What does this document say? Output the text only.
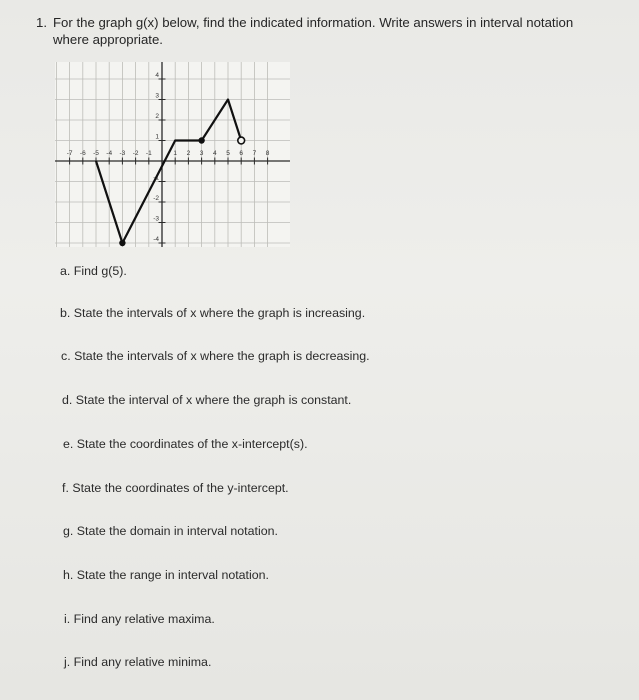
1. For the graph g(x) below, find the indicated information. Write answers in interval notation where appropriate.
-7 -6 -5 -4 -3 -2 -1	1 2 3 4 5 6 7 8
4
3
2
1
-1
-2
-3
-4
a. Find g(5).
b. State the intervals of x where the graph is increasing.
c. State the intervals of x where the graph is decreasing.
d. State the interval of x where the graph is constant.
e. State the coordinates of the x-intercept(s).
f. State the coordinates of the y-intercept.
g. State the domain in interval notation.
h. State the range in interval notation.
i. Find any relative maxima.
j. Find any relative minima.
